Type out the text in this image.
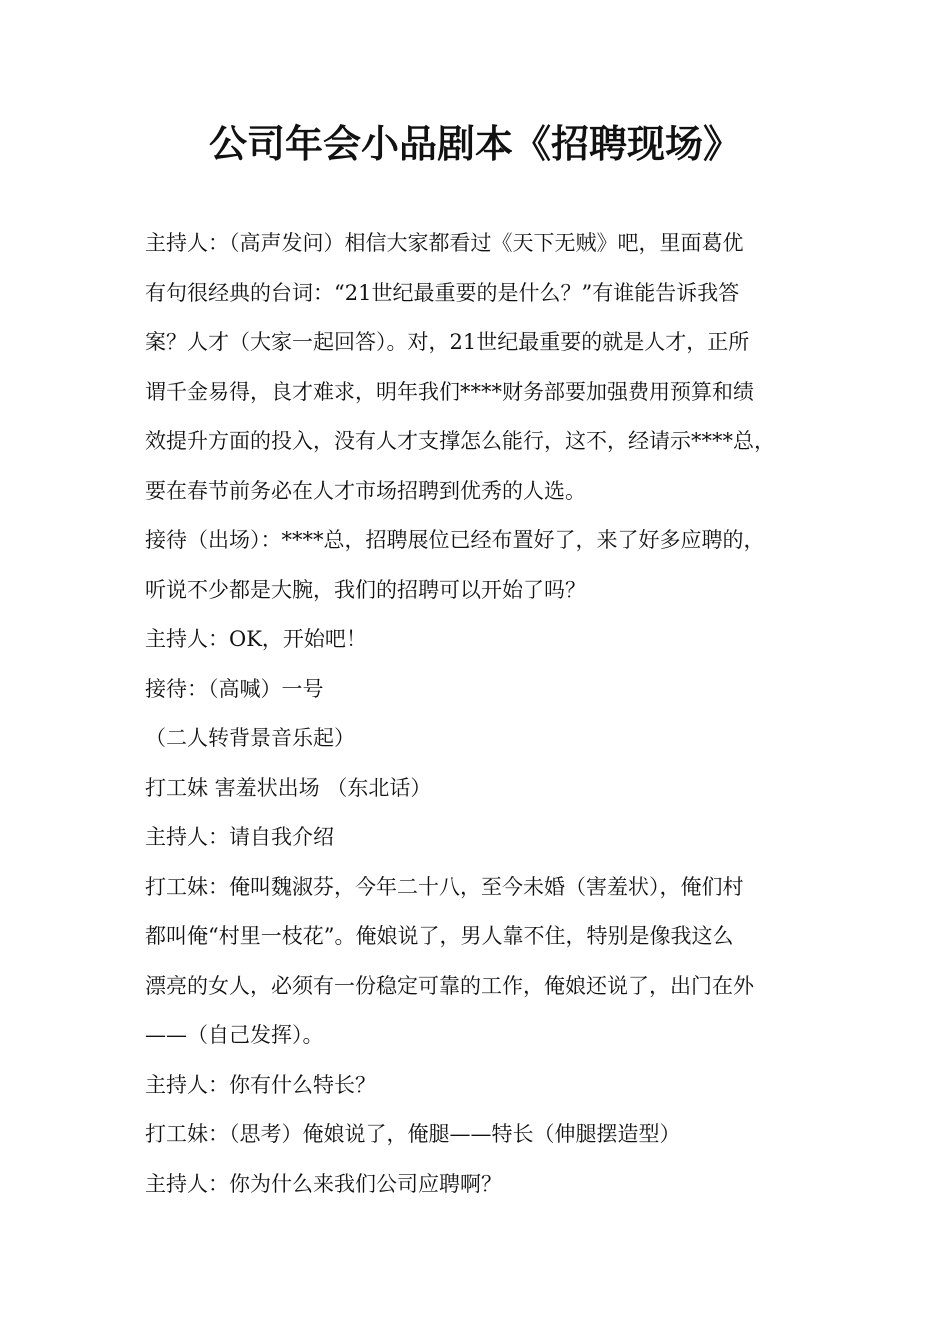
公司年会小品剧本《招聘现场》
主持人：（高声发问）相信大家都看过《天下无贼》吧，里面葛优
有句很经典的台词：“21世纪最重要的是什么？”有谁能告诉我答
案？人才（大家一起回答）。对，21世纪最重要的就是人才，正所
谓千金易得，良才难求，明年我们****财务部要加强费用预算和绩
效提升方面的投入，没有人才支撑怎么能行，这不，经请示****总，
要在春节前务必在人才市场招聘到优秀的人选。
接待（出场）：****总，招聘展位已经布置好了，来了好多应聘的，
听说不少都是大腕，我们的招聘可以开始了吗？
主持人：OK，开始吧！
接待：（高喊）一号
（二人转背景音乐起）
打工妹 害羞状出场 （东北话）
主持人：请自我介绍
打工妹：俺叫魏淑芬，今年二十八，至今未婚（害羞状），俺们村
都叫俺“村里一枝花”。俺娘说了，男人靠不住，特别是像我这么
漂亮的女人，必须有一份稳定可靠的工作，俺娘还说了，出门在外
——（自己发挥）。
主持人：你有什么特长？
打工妹：（思考）俺娘说了，俺腿——特长（伸腿摆造型）
主持人：你为什么来我们公司应聘啊？
